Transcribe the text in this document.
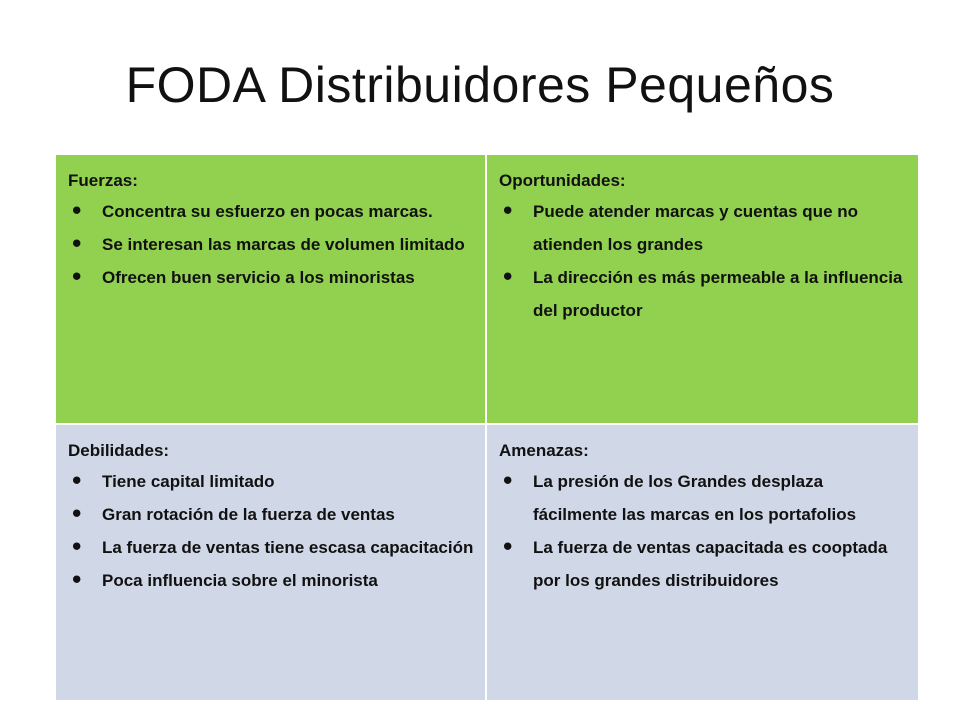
FODA Distribuidores Pequeños
Fuerzas:
⚫ Concentra su esfuerzo en pocas marcas.
⚫ Se interesan las marcas de volumen limitado
⚫ Ofrecen buen servicio a los minoristas
Oportunidades:
⚫ Puede atender marcas y cuentas que no atienden los grandes
⚫ La dirección es más permeable a la influencia del productor
Debilidades:
⚫ Tiene capital limitado
⚫ Gran rotación de la fuerza de ventas
⚫ La fuerza de ventas tiene escasa capacitación
⚫ Poca influencia sobre el minorista
Amenazas:
⚫ La presión de los Grandes desplaza fácilmente las marcas en los portafolios
⚫ La fuerza de ventas capacitada es cooptada por los grandes distribuidores
